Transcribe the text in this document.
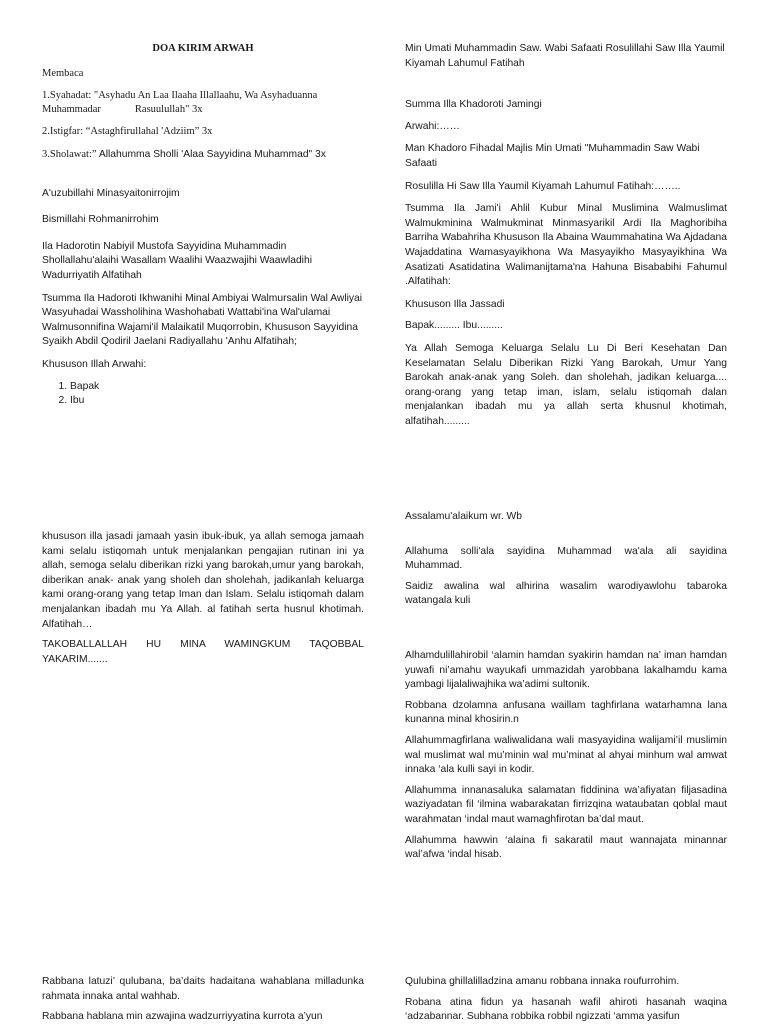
DOA KIRIM ARWAH
Membaca
1.Syahadat: "Asyhadu An Laa Ilaaha Illallaahu, Wa Asyhaduanna
Muhammadar	Rasuulullah" 3x
2.Istigfar: “Astaghfirullahal 'Adziim” 3x
3.Sholawat:” Allahumma Sholli 'Alaa Sayyidina Muhammad" 3x
A'uzubillahi Minasyaitonirrojim
Bismillahi Rohmanirrohim
Ila Hadorotin Nabiyil Mustofa Sayyidina Muhammadin Shollallahu'alaihi Wasallam Waalihi Waazwajihi Waawladihi Wadurriyatih Alfatihah
Tsumma Ila Hadoroti Ikhwanihi Minal Ambiyai Walmursalin Wal Awliyai Wasyuhadai Wassholihina Washohabati Wattabi'ina Wal'ulamai Walmusonnifina Wajami'il Malaikatil Muqorrobin, Khususon Sayyidina Syaikh Abdil Qodiril Jaelani Radiyallahu 'Anhu Alfatihah;
Khususon Illah Arwahi:
1. Bapak
2. Ibu
Min Umati Muhammadin Saw. Wabi Safaati Rosulillahi Saw Illa Yaumil Kiyamah Lahumul Fatihah
Summa Illa Khadoroti Jamingi
Arwahi:……
Man Khadoro Fihadal Majlis Min Umati "Muhammadin Saw Wabi Safaati
Rosulilla Hi Saw Illa Yaumil Kiyamah Lahumul Fatihah:……..
Tsumma Ila Jami'i Ahlil Kubur Minal Muslimina Walmuslimat Walmukminina Walmukminat Minmasyarikil Ardi Ila Maghoribiha Barriha Wabahriha Khususon Ila Abaina Waummahatina Wa Ajdadana Wajaddatina Wamasyayikhona Wa Masyayikho Masyayikhina Wa Asatizati Asatidatina Walimanijtama'na Hahuna Bisababihi Fahumul .Alfatihah:
Khususon Illa Jassadi
Bapak......... Ibu.........
Ya Allah Semoga Keluarga Selalu Lu Di Beri Kesehatan Dan Keselamatan Selalu Diberikan Rizki Yang Barokah, Umur Yang Barokah anak-anak yang Soleh. dan sholehah, jadikan keluarga.... orang-orang yang tetap iman, islam, selalu istiqomah dalan menjalankan ibadah mu ya allah serta khusnul khotimah, alfatihah.........
khususon illa jasadi jamaah yasin ibuk-ibuk, ya allah semoga jamaah kami selalu istiqomah untuk menjalankan pengajian rutinan ini ya allah, semoga selalu diberikan rizki yang barokah,umur yang barokah, diberikan anak- anak yang sholeh dan sholehah, jadikanlah keluarga kami orang-orang yang tetap Iman dan Islam. Selalu istiqomah dalam menjalankan ibadah mu Ya Allah. al fatihah serta husnul khotimah. Alfatihah…
TAKOBALLALLAH HU MINA WAMINGKUM TAQOBBAL YAKARIM.......
Assalamu'alaikum wr. Wb
Allahuma solli'ala sayidina Muhammad wa'ala ali sayidina Muhammad.
Saidiz awalina wal alhirina wasalim warodiyawlohu tabaroka watangala kuli
Alhamdulillahirobil ‘alamin hamdan syakirin hamdan na’ iman hamdan yuwafi ni’amahu wayukafi ummazidah yarobbana lakalhamdu kama yambagi lijalaliwajhika wa’adimi sultonik.
Robbana dzolamna anfusana waillam taghfirlana watarhamna lana kunanna minal khosirin.n
Allahummagfirlana waliwalidana wali masyayidina walijami’il muslimin wal muslimat wal mu’minin wal mu’minat al ahyai minhum wal amwat innaka ‘ala kulli sayi in kodir.
Allahumma innanasaluka salamatan fiddinina wa’afiyatan filjasadina waziyadatan fil ‘ilmina wabarakatan firrizqina wataubatan qoblal maut warahmatan ‘indal maut wamaghfirotan ba’dal maut.
Allahumma hawwin ‘alaina fi sakaratil maut wannajata minannar wal’afwa ‘indal hisab.
Rabbana latuzi’ qulubana, ba’daits hadaitana wahablana milladunka rahmata innaka antal wahhab.
Rabbana hablana min azwajina wadzurriyyatina kurrota a’yun
Qulubina ghillalilladzina amanu robbana innaka roufurrohim.
Robana atina fidun ya hasanah wafil ahiroti hasanah waqina ‘adzabannar. Subhana robbika robbil ngizzati ‘amma yasifun
